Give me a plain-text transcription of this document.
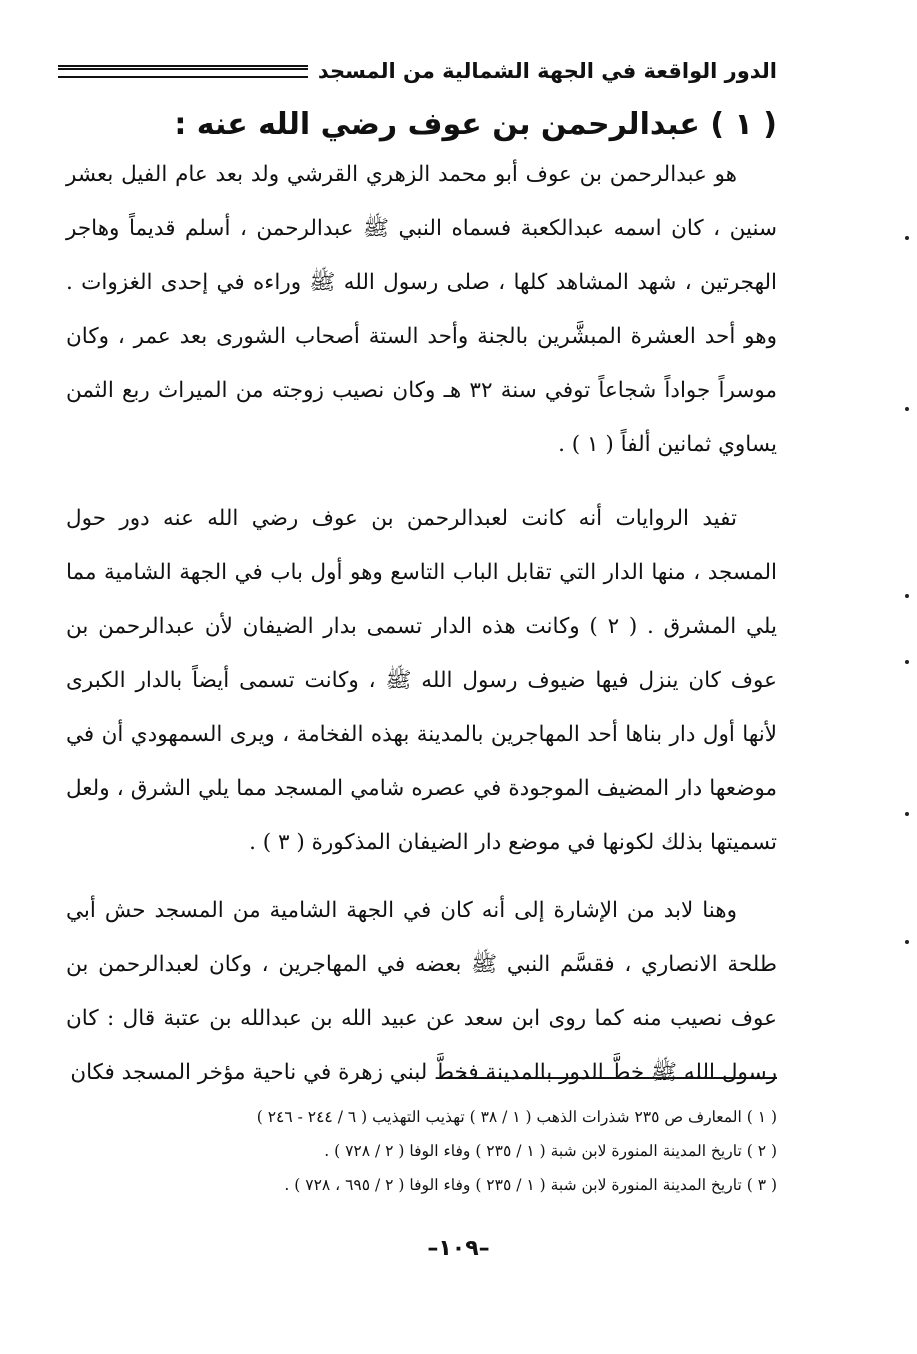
الدور الواقعة في الجهة الشمالية من المسجد
( ١ ) عبدالرحمن بن عوف رضي الله عنه :

هو عبدالرحمن بن عوف أبو محمد الزهري القرشي ولد بعد عام الفيل بعشر سنين ، كان اسمه عبدالكعبة فسماه النبي ﷺ عبدالرحمن ، أسلم قديماً وهاجر الهجرتين ، شهد المشاهد كلها ، صلى رسول الله ﷺ وراءه في إحدى الغزوات . وهو أحد العشرة المبشَّرين بالجنة وأحد الستة أصحاب الشورى بعد عمر ، وكان موسراً جواداً شجاعاً توفي سنة ٣٢ هـ وكان نصيب زوجته من الميراث ربع الثمن يساوي ثمانين ألفاً ( ١ ) .

تفيد الروايات أنه كانت لعبدالرحمن بن عوف رضي الله عنه دور حول المسجد ، منها الدار التي تقابل الباب التاسع وهو أول باب في الجهة الشامية مما يلي المشرق . ( ٢ ) وكانت هذه الدار تسمى بدار الضيفان لأن عبدالرحمن بن عوف كان ينزل فيها ضيوف رسول الله ﷺ ، وكانت تسمى أيضاً بالدار الكبرى لأنها أول دار بناها أحد المهاجرين بالمدينة بهذه الفخامة ، ويرى السمهودي أن في موضعها دار المضيف الموجودة في عصره شامي المسجد مما يلي الشرق ، ولعل تسميتها بذلك لكونها في موضع دار الضيفان المذكورة ( ٣ ) .

وهنا لابد من الإشارة إلى أنه كان في الجهة الشامية من المسجد حش أبي طلحة الانصاري ، فقسَّم النبي ﷺ بعضه في المهاجرين ، وكان لعبدالرحمن بن عوف نصيب منه كما روى ابن سعد عن عبيد الله بن عبدالله بن عتبة قال : كان رسول الله ﷺ خطَّ الدور بالمدينة فخطَّ لبني زهرة في ناحية مؤخر المسجد فكان

( ١ ) المعارف ص ٢٣٥ شذرات الذهب ( ١ / ٣٨ ) تهذيب التهذيب ( ٦ / ٢٤٤ - ٢٤٦ )
( ٢ ) تاريخ المدينة المنورة لابن شبة ( ١ / ٢٣٥ ) وفاء الوفا ( ٢ / ٧٢٨ ) .
( ٣ ) تاريخ المدينة المنورة لابن شبة ( ١ / ٢٣٥ ) وفاء الوفا ( ٢ / ٦٩٥ ، ٧٢٨ ) .
–١٠٩–
